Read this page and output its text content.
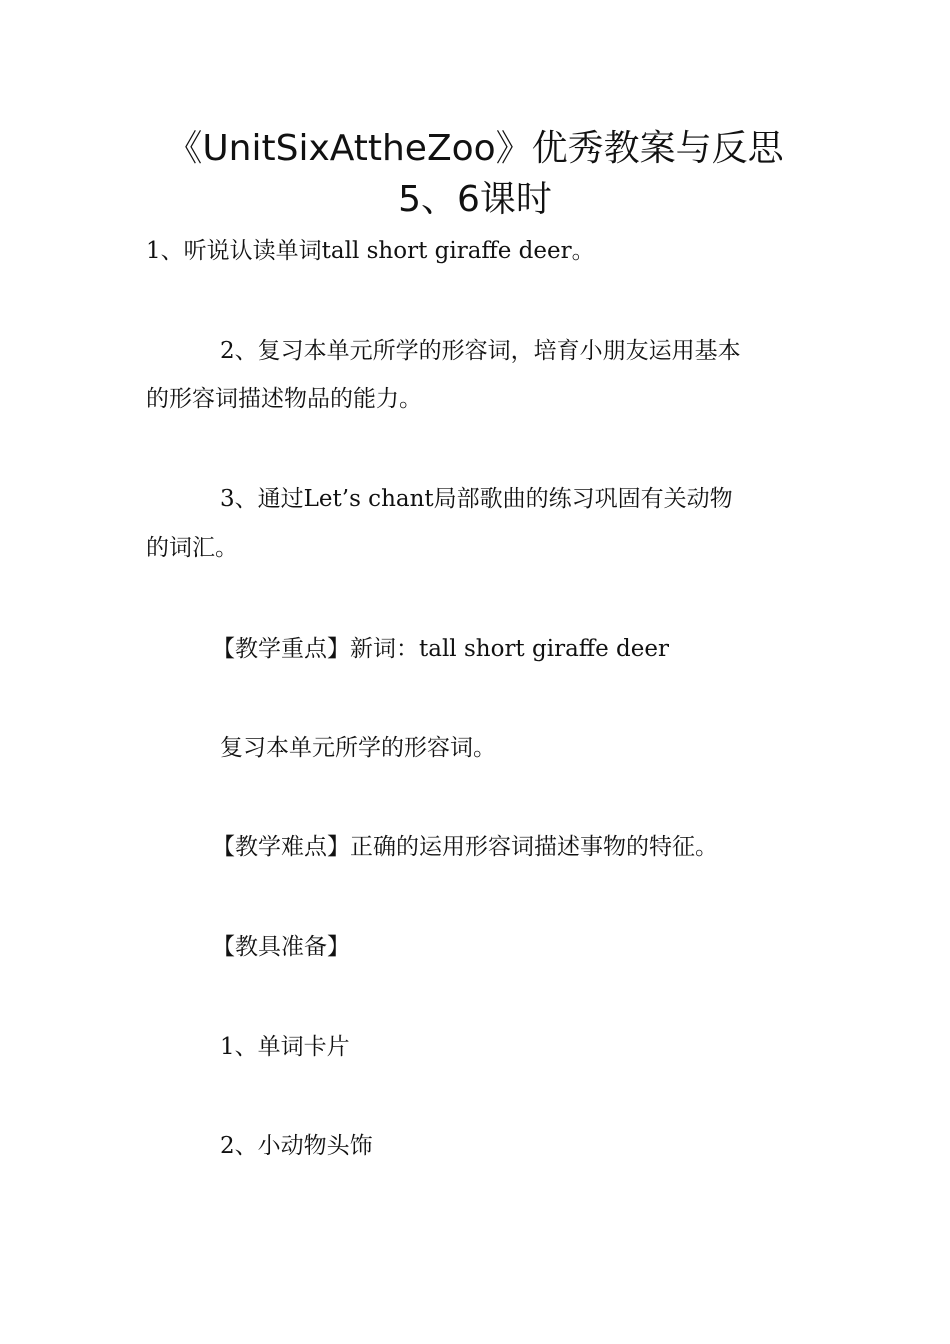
《UnitSixAttheZoo》优秀教案与反思
5、6课时
1、听说认读单词tall short giraffe deer。
2、复习本单元所学的形容词，培育小朋友运用基本
的形容词描述物品的能力。
3、通过Let’s chant局部歌曲的练习巩固有关动物
的词汇。
【教学重点】新词：tall short giraffe deer
复习本单元所学的形容词。
【教学难点】正确的运用形容词描述事物的特征。
【教具准备】
1、单词卡片
2、小动物头饰
